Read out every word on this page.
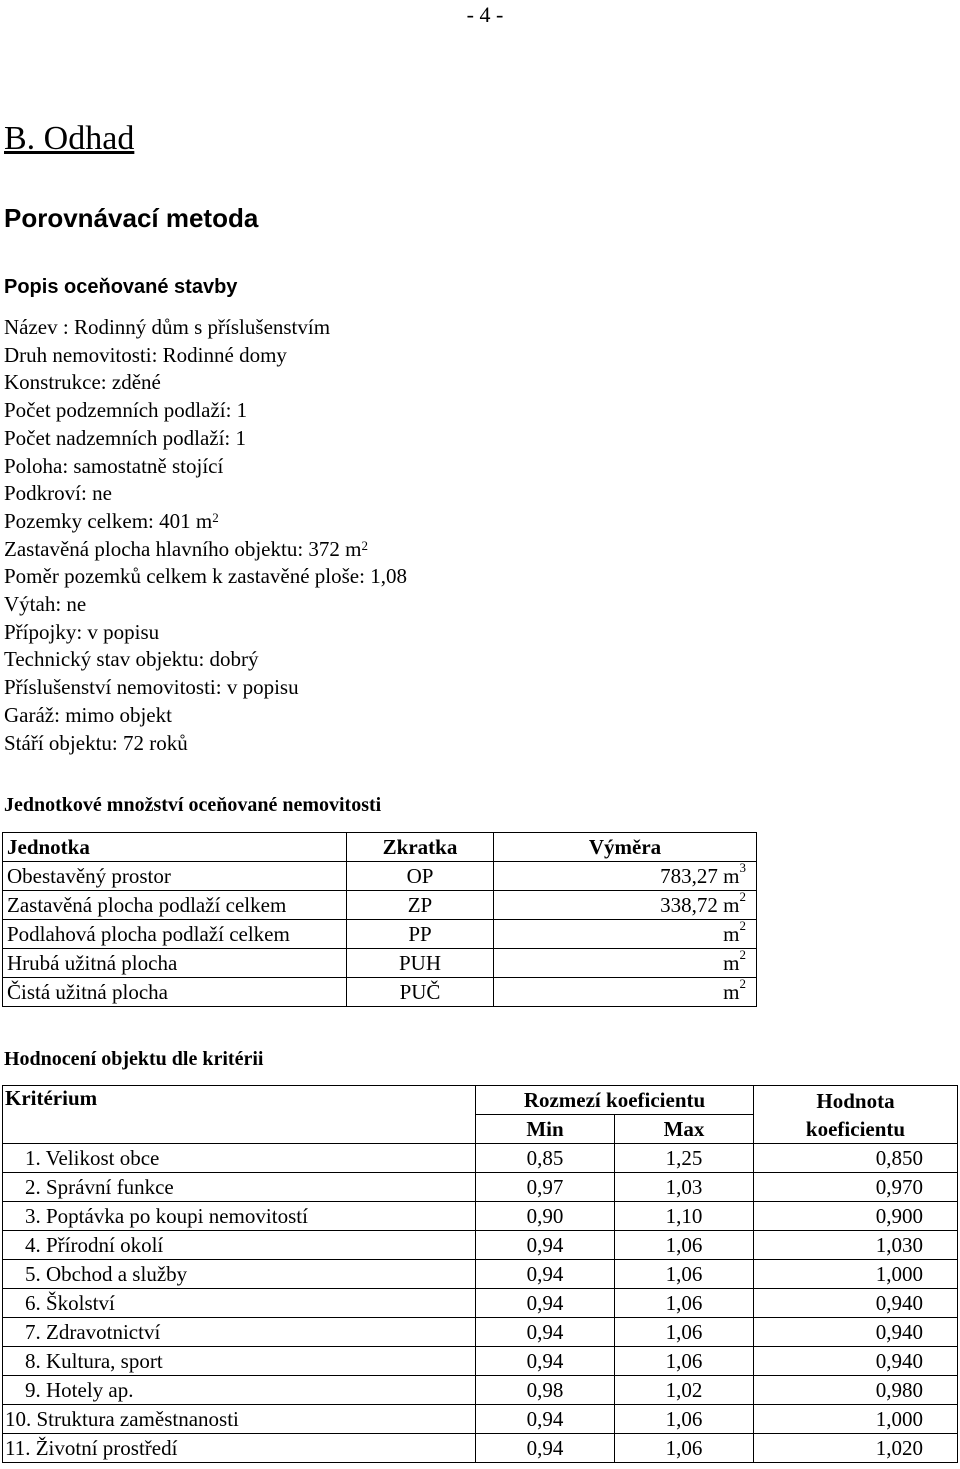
- 4 -
B. Odhad
Porovnávací metoda
Popis oceňované stavby
Název : Rodinný dům s příslušenstvím
Druh nemovitosti: Rodinné domy
Konstrukce: zděné
Počet podzemních podlaží: 1
Počet nadzemních podlaží: 1
Poloha: samostatně stojící
Podkroví: ne
Pozemky celkem: 401 $m^2$
Zastavěná plocha hlavního objektu: 372 $m^2$
Poměr pozemků celkem k zastavěné ploše: 1,08
Výtah: ne
Přípojky: v popisu
Technický stav objektu: dobrý
Příslušenství nemovitosti: v popisu
Garáž: mimo objekt
Stáří objektu: 72 roků
Jednotkové množství oceňované nemovitosti
Jednotka	Zkratka	Výměra
Obestavěný prostor	OP	783,27 $m^3$
Zastavěná plocha podlaží celkem	ZP	338,72 $m^2$
Podlahová plocha podlaží celkem	PP	$m^2$
Hrubá užitná plocha	PUH	$m^2$
Čistá užitná plocha	PUČ	$m^2$
Hodnocení objektu dle kritérii
Kritérium	Rozmezí koeficientu		Hodnota
koeficientu

	Min	Max	
1. Velikost obce	0,85	1,25	0,850
2. Správní funkce	0,97	1,03	0,970
3. Poptávka po koupi nemovitostí	0,90	1,10	0,900
4. Přírodní okolí	0,94	1,06	1,030
5. Obchod a služby	0,94	1,06	1,000
6. Školství	0,94	1,06	0,940
7. Zdravotnictví	0,94	1,06	0,940
8. Kultura, sport	0,94	1,06	0,940
9. Hotely ap.	0,98	1,02	0,980
10. Struktura zaměstnanosti	0,94	1,06	1,000
11. Životní prostředí	0,94	1,06	1,020
